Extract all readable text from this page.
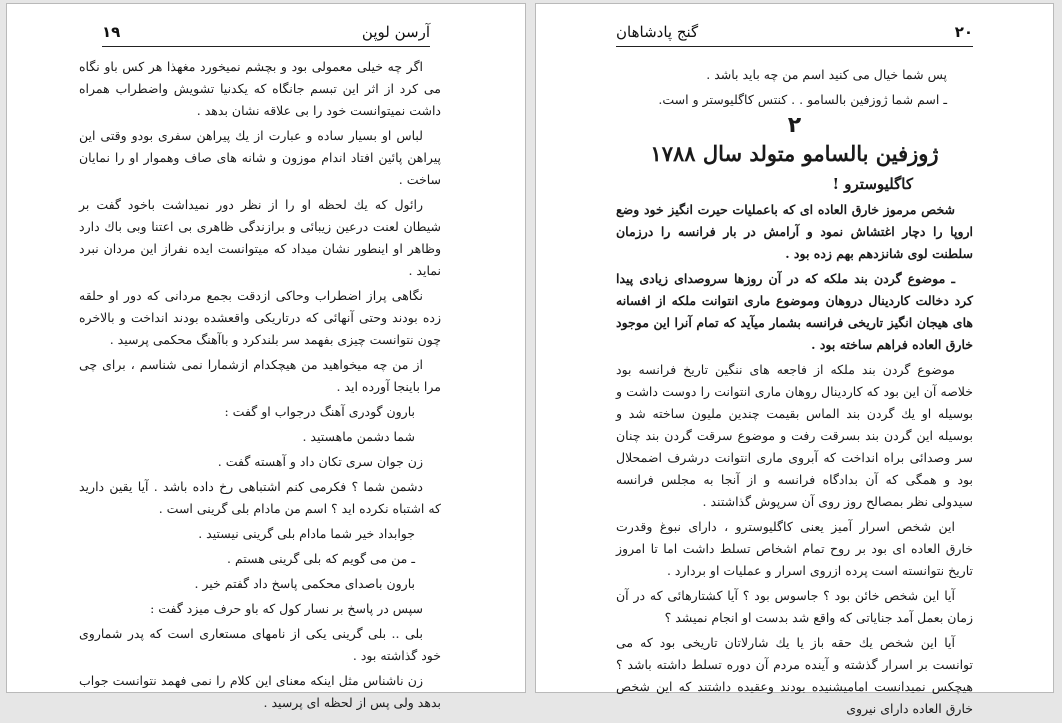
آرسن لوپن
۱۹

اگر چه خیلی معمولی بود و بچشم نمیخورد مغهذا هر کس باو نگاه می کرد از اثر این تبسم جانگاه که یکدنیا تشویش واضطراب همراه داشت نمیتوانست خود را بی علاقه نشان بدهد .

لباس او بسیار ساده و عبارت از یك پیراهن سفری بودو وقتی این پیراهن پائین افتاد اندام موزون و شانه های صاف وهموار او را نمایان ساخت .

رائول که یك لحظه او را از نظر دور نمیداشت باخود گفت بر شیطان لعنت درعین زیبائی و برازندگی ظاهری بی اعتنا وبی باك دارد وظاهر او اینطور نشان میداد که میتوانست ایده نفراز این مردان نبرد نماید .

نگاهی پراز اضطراب وحاکی ازدقت بجمع مردانی که دور او حلقه زده بودند وحتی آنهائی که درتاریکی واقعشده بودند انداخت و بالاخره چون نتوانست چیزی بفهمد سر بلندکرد و باآهنگ محکمی پرسید .

از من چه میخواهید من هیچکدام ازشمارا نمی شناسم ، برای چی مرا باینجا آورده اید .

بارون گودری آهنگ درجواب او گفت :

شما دشمن ماهستید .

زن جوان سری تکان داد و آهسته گفت .

دشمن شما ؟ فکرمی کنم اشتباهی رخ داده باشد . آیا یقین دارید که اشتباه نکرده اید ؟ اسم من مادام بلی گرینی است .

جوابداد خیر شما مادام بلی گرینی نیستید .

ـ من می گویم که بلی گرینی هستم .

بارون باصدای محکمی پاسخ داد گفتم خیر .

سپس در پاسخ بر نسار کول که باو حرف میزد گفت :

بلی .. بلی گرینی یکی از نامهای مستعاری است که پدر شماروی خود گذاشته بود .

زن ناشناس مثل اینکه معنای این کلام را نمی فهمد نتوانست جواب بدهد ولی پس از لحظه ای پرسید .

گنج پادشاهان	۲۰

پس شما خیال می کنید اسم من چه باید باشد .

ـ اسم شما ژوزفین بالسامو . . کنتس کاگلیوستر و است.

۲
ژوزفین بالسامو متولد سال ۱۷۸۸
کاگلیوسترو !

شخص مرموز خارق العاده ای که باعملیات حیرت انگیز خود وضع اروپا را دچار اغتشاش نمود و آرامش در بار فرانسه را درزمان سلطنت لوی شانزدهم بهم زده بود .

ـ موضوع گردن بند ملکه که در آن روزها سروصدای زیادی پیدا کرد دخالت کاردینال دروهان وموضوع ماری انتوانت ملکه از افسانه های هیجان انگیز تاریخی فرانسه بشمار میآید که تمام آنرا این موجود خارق العاده فراهم ساخته بود .

موضوع گردن بند ملکه از فاجعه های ننگین تاریخ فرانسه بود خلاصه آن این بود که کاردینال روهان ماری انتوانت را دوست داشت و بوسیله او یك گردن بند الماس بقیمت چندین ملیون ساخته شد و بوسیله این گردن بند بسرقت رفت و موضوع سرقت گردن بند چنان سر وصدائی براه انداخت که آبروی ماری انتوانت درشرف اضمحلال بود و همگی که آن بدادگاه فرانسه و از آنجا به مجلس فرانسه سیدولی نظر بمصالح روز روی آن سرپوش گذاشتند .

این شخص اسرار آمیز یعنی کاگلیوسترو ، دارای نبوغ وقدرت خارق العاده ای بود بر روح تمام اشخاص تسلط داشت اما تا امروز تاریخ نتوانسته است پرده ازروی اسرار و عملیات او بردارد .

آیا این شخص خائن بود ؟ جاسوس بود ؟ آیا کشتارهائی که در آن زمان بعمل آمد جنایاتی که واقع شد بدست او انجام نمیشد ؟

آیا این شخص یك حقه باز یا یك شارلاتان تاریخی بود که می توانست بر اسرار گذشته و آینده مردم آن دوره تسلط داشته باشد ؟ هیچکس نمیدانست امامیشنیده بودند وعقیده داشتند که این شخص خارق العاده دارای نیروی
